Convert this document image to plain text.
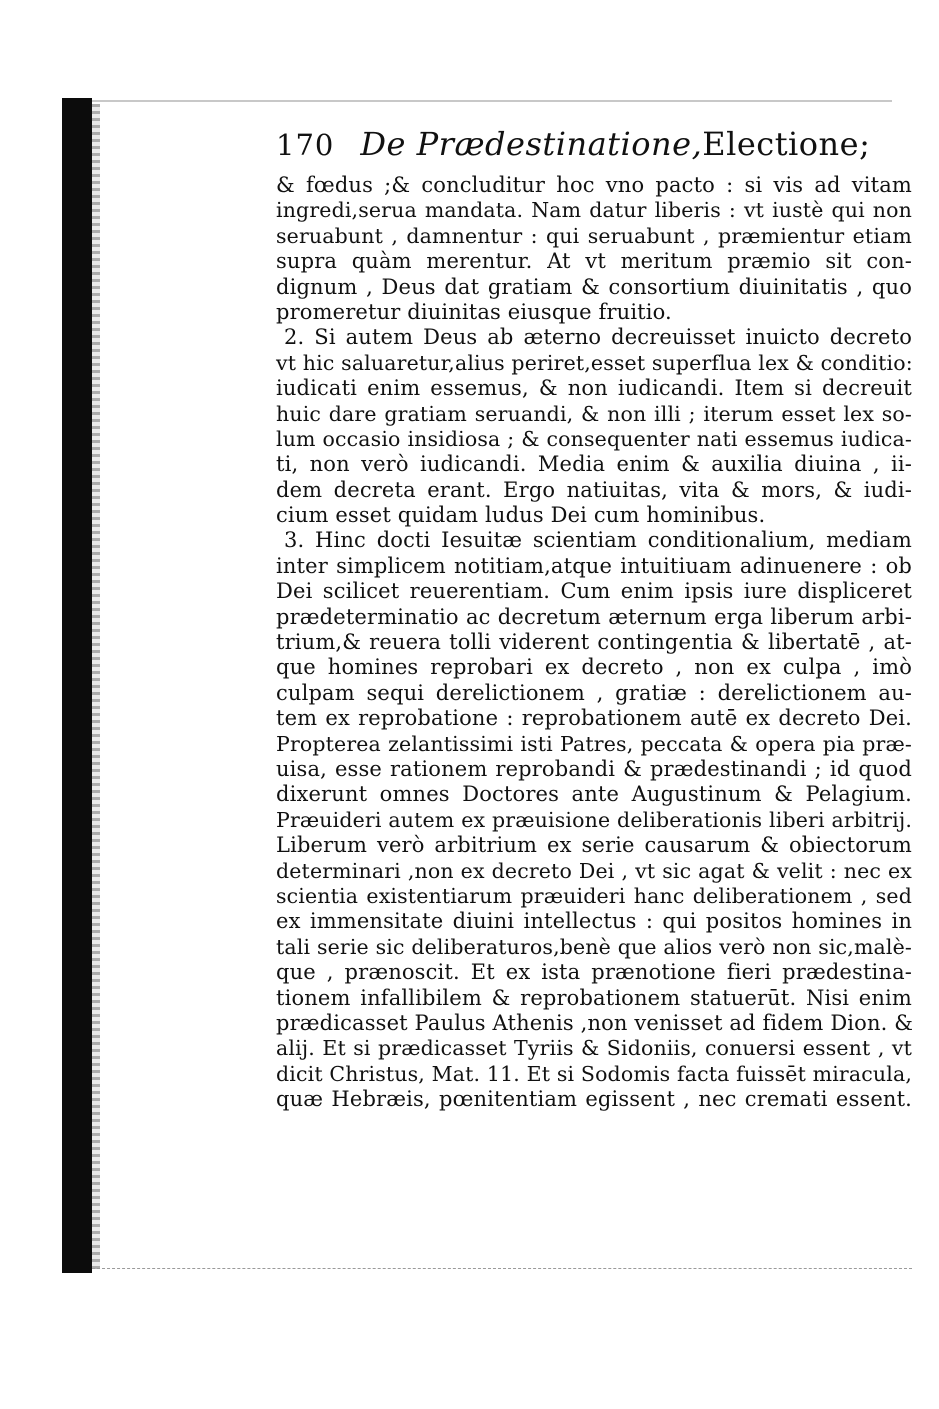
170 De Prædestinatione, Electione;
& fœdus ;& concluditur hoc vno pacto : si vis ad vitam
ingredi,serua mandata. Nam datur liberis : vt iustè qui non
seruabunt , damnentur : qui seruabunt , præmientur etiam
supra quàm merentur. At vt meritum præmio sit con-
dignum , Deus dat gratiam & consortium diuinitatis , quo
promeretur diuinitas eiusque fruitio.
2. Si autem Deus ab æterno decreuisset inuicto decreto
vt hic saluaretur,alius periret,esset superflua lex & conditio:
iudicati enim essemus, & non iudicandi. Item si decreuit
huic dare gratiam seruandi, & non illi ; iterum esset lex so-
lum occasio insidiosa ; & consequenter nati essemus iudica-
ti, non verò iudicandi. Media enim & auxilia diuina , ii-
dem decreta erant. Ergo natiuitas, vita & mors, & iudi-
cium esset quidam ludus Dei cum hominibus.
3. Hinc docti Iesuitæ scientiam conditionalium, mediam
inter simplicem notitiam,atque intuitiuam adinuenere : ob
Dei scilicet reuerentiam. Cum enim ipsis iure displiceret
prædeterminatio ac decretum æternum erga liberum arbi-
trium,& reuera tolli viderent contingentia & libertatē , at-
que homines reprobari ex decreto , non ex culpa , imò
culpam sequi derelictionem , gratiæ : derelictionem au-
tem ex reprobatione : reprobationem autē ex decreto Dei.
Propterea zelantissimi isti Patres, peccata & opera pia præ-
uisa, esse rationem reprobandi & prædestinandi ; id quod
dixerunt omnes Doctores ante Augustinum & Pelagium.
Præuideri autem ex præuisione deliberationis liberi arbitrij.
Liberum verò arbitrium ex serie causarum & obiectorum
determinari ,non ex decreto Dei , vt sic agat & velit : nec ex
scientia existentiarum præuideri hanc deliberationem , sed
ex immensitate diuini intellectus : qui positos homines in
tali serie sic deliberaturos,benè que alios verò non sic,malè-
que , prænoscit. Et ex ista prænotione fieri prædestina-
tionem infallibilem & reprobationem statuerūt. Nisi enim
prædicasset Paulus Athenis ,non venisset ad fidem Dion. &
alij. Et si prædicasset Tyriis & Sidoniis, conuersi essent , vt
dicit Christus, Mat. 11. Et si Sodomis facta fuissēt miracula,
quæ Hebræis, pœnitentiam egissent , nec cremati essent.
